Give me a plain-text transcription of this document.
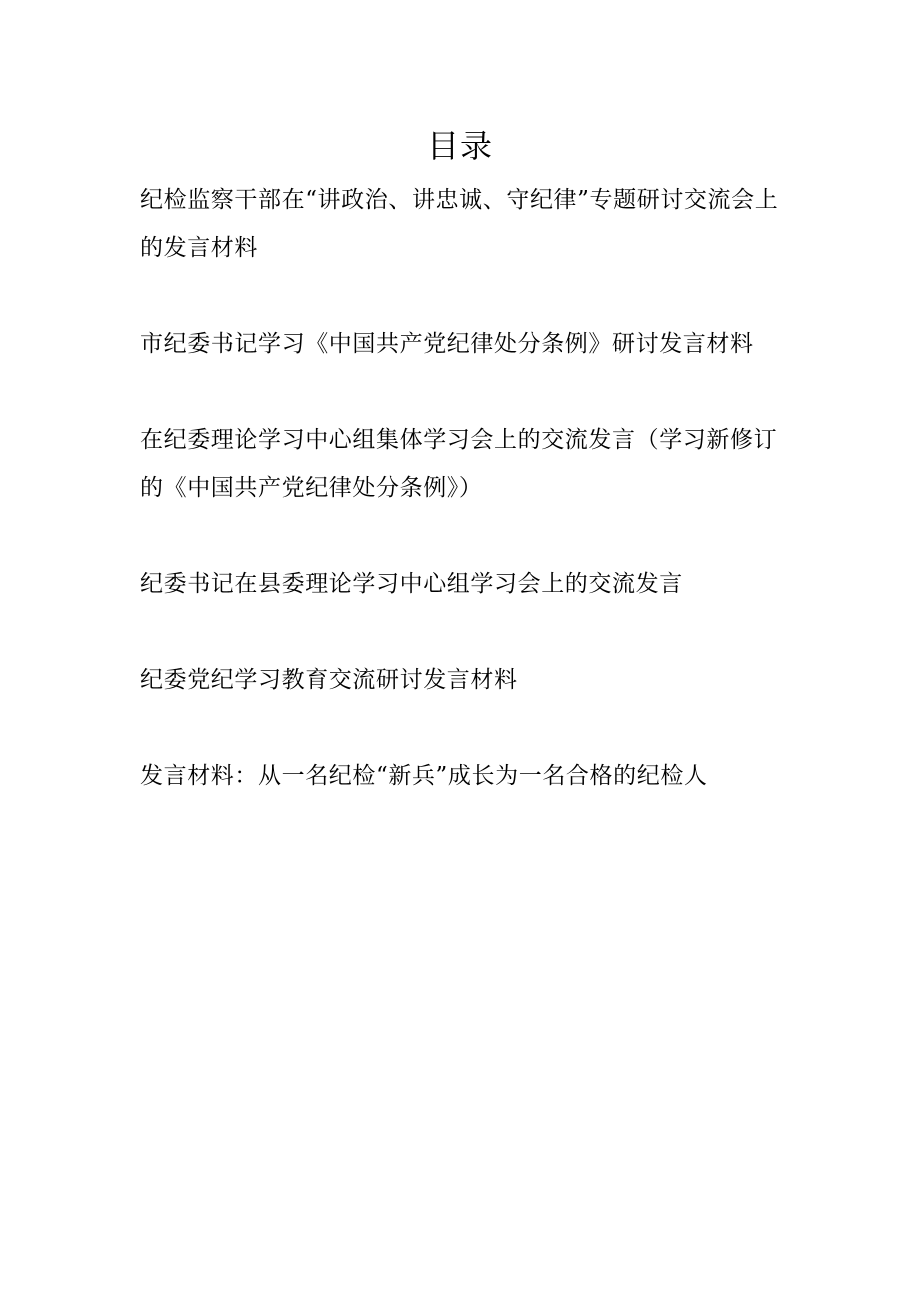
目录
纪检监察干部在“讲政治、讲忠诚、守纪律”专题研讨交流会上的发言材料
市纪委书记学习《中国共产党纪律处分条例》研讨发言材料
在纪委理论学习中心组集体学习会上的交流发言（学习新修订的《中国共产党纪律处分条例》）
纪委书记在县委理论学习中心组学习会上的交流发言
纪委党纪学习教育交流研讨发言材料
发言材料：从一名纪检“新兵”成长为一名合格的纪检人
